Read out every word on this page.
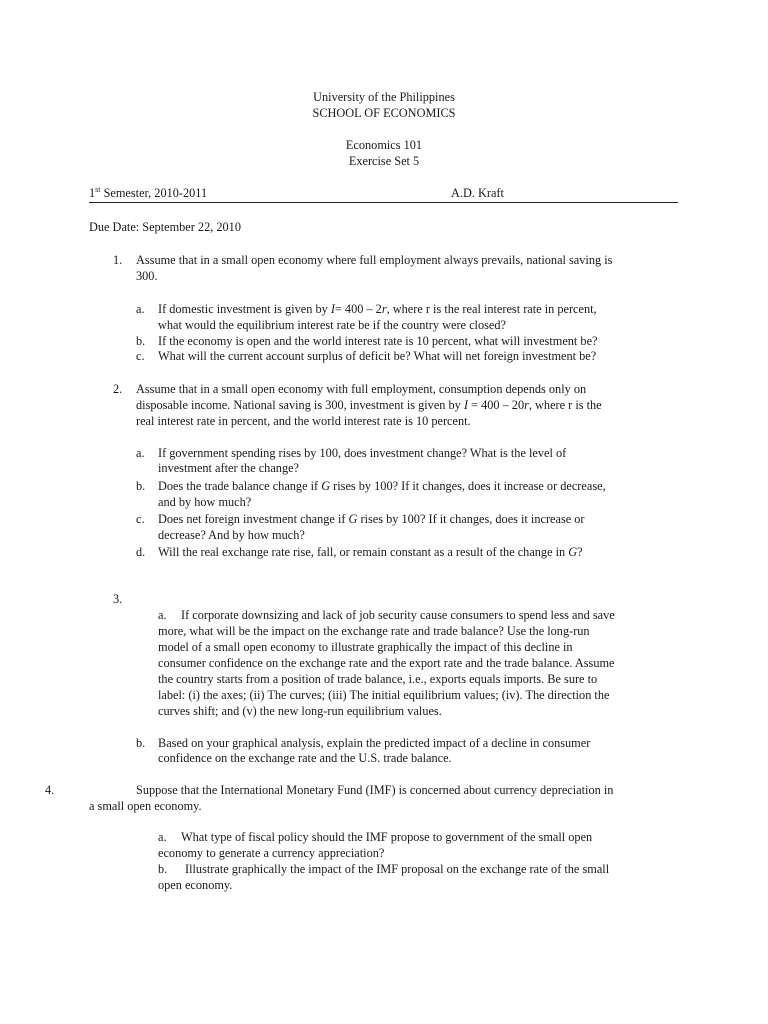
University of the Philippines
SCHOOL OF ECONOMICS
Economics 101
Exercise Set 5
1st Semester, 2010-2011	A.D. Kraft
Due Date: September 22, 2010
1. Assume that in a small open economy where full employment always prevails, national saving is
300.
a. If domestic investment is given by I= 400 – 2r, where r is the real interest rate in percent,
what would the equilibrium interest rate be if the country were closed?
b. If the economy is open and the world interest rate is 10 percent, what will investment be?
c. What will the current account surplus of deficit be? What will net foreign investment be?
2. Assume that in a small open economy with full employment, consumption depends only on
disposable income. National saving is 300, investment is given by I = 400 – 20r, where r is the
real interest rate in percent, and the world interest rate is 10 percent.
a. If government spending rises by 100, does investment change? What is the level of
investment after the change?
b. Does the trade balance change if G rises by 100? If it changes, does it increase or decrease,
and by how much?
c. Does net foreign investment change if G rises by 100? If it changes, does it increase or
decrease? And by how much?
d. Will the real exchange rate rise, fall, or remain constant as a result of the change in G?
3.
a. If corporate downsizing and lack of job security cause consumers to spend less and save
more, what will be the impact on the exchange rate and trade balance? Use the long-run
model of a small open economy to illustrate graphically the impact of this decline in
consumer confidence on the exchange rate and the export rate and the trade balance. Assume
the country starts from a position of trade balance, i.e., exports equals imports. Be sure to
label: (i) the axes; (ii) The curves; (iii) The initial equilibrium values; (iv). The direction the
curves shift; and (v) the new long-run equilibrium values.
b. Based on your graphical analysis, explain the predicted impact of a decline in consumer
confidence on the exchange rate and the U.S. trade balance.
4.	Suppose that the International Monetary Fund (IMF) is concerned about currency depreciation in
a small open economy.
a. What type of fiscal policy should the IMF propose to government of the small open
economy to generate a currency appreciation?
b. Illustrate graphically the impact of the IMF proposal on the exchange rate of the small
open economy.
